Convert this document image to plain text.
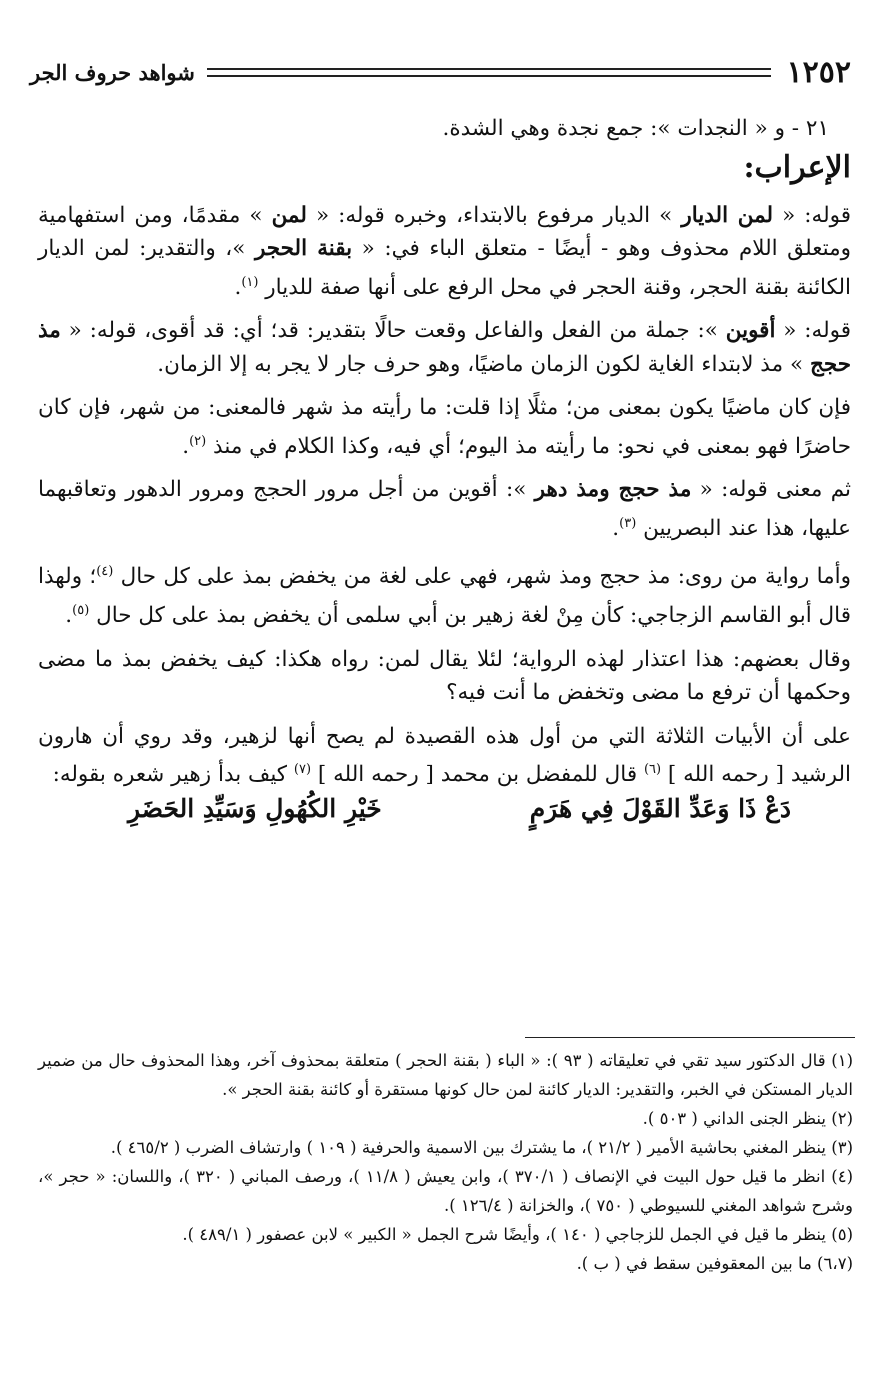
١٢٥٢
شواهد حروف الجر

٢١ - و « النجدات »: جمع نجدة وهي الشدة.

الإعراب:

قوله: « لمن الديار » الديار مرفوع بالابتداء، وخبره قوله: « لمن » مقدمًا، ومن استفهامية ومتعلق اللام محذوف وهو - أيضًا - متعلق الباء في: « بقنة الحجر »، والتقدير: لمن الديار الكائنة بقنة الحجر، وقنة الحجر في محل الرفع على أنها صفة للديار $^{(١)}$.

قوله: « أقوين »: جملة من الفعل والفاعل وقعت حالًا بتقدير: قد؛ أي: قد أقوى، قوله: « مذ حجج » مذ لابتداء الغاية لكون الزمان ماضيًا، وهو حرف جار لا يجر به إلا الزمان.

فإن كان ماضيًا يكون بمعنى من؛ مثلًا إذا قلت: ما رأيته مذ شهر فالمعنى: من شهر، فإن كان حاضرًا فهو بمعنى في نحو: ما رأيته مذ اليوم؛ أي فيه، وكذا الكلام في منذ $^{(٢)}$.

ثم معنى قوله: « مذ حجج ومذ دهر »: أقوين من أجل مرور الحجج ومرور الدهور وتعاقبهما عليها، هذا عند البصريين $^{(٣)}$.

وأما رواية من روى: مذ حجج ومذ شهر، فهي على لغة من يخفض بمذ على كل حال $^{(٤)}$؛ ولهذا قال أبو القاسم الزجاجي: كأن مِنْ لغة زهير بن أبي سلمى أن يخفض بمذ على كل حال $^{(٥)}$.

وقال بعضهم: هذا اعتذار لهذه الرواية؛ لئلا يقال لمن: رواه هكذا: كيف يخفض بمذ ما مضى وحكمها أن ترفع ما مضى وتخفض ما أنت فيه؟

على أن الأبيات الثلاثة التي من أول هذه القصيدة لم يصح أنها لزهير، وقد روي أن هارون الرشيد [ رحمه الله ] $^{(٦)}$ قال للمفضل بن محمد [ رحمه الله ] $^{(٧)}$ كيف بدأ زهير شعره بقوله:

دَعْ ذَا وَعَدِّ القَوْلَ فِي هَرَمٍ
خَيْرِ الكُهُولِ وَسَيِّدِ الحَضَرِ

(١) قال الدكتور سيد تقي في تعليقاته ( ٩٣ ): « الباء ( بقنة الحجر ) متعلقة بمحذوف آخر، وهذا المحذوف حال من ضمير الديار المستكن في الخبر، والتقدير: الديار كائنة لمن حال كونها مستقرة أو كائنة بقنة الحجر ».

(٢) ينظر الجنى الداني ( ٥٠٣ ).

(٣) ينظر المغني بحاشية الأمير ( ٢١/٢ )، ما يشترك بين الاسمية والحرفية ( ١٠٩ ) وارتشاف الضرب ( ٤٦٥/٢ ).

(٤) انظر ما قيل حول البيت في الإنصاف ( ٣٧٠/١ )، وابن يعيش ( ١١/٨ )، ورصف المباني ( ٣٢٠ )، واللسان: « حجر »، وشرح شواهد المغني للسيوطي ( ٧٥٠ )، والخزانة ( ١٢٦/٤ ).

(٥) ينظر ما قيل في الجمل للزجاجي ( ١٤٠ )، وأيضًا شرح الجمل « الكبير » لابن عصفور ( ٤٨٩/١ ).

(٦،٧) ما بين المعقوفين سقط في ( ب ).
